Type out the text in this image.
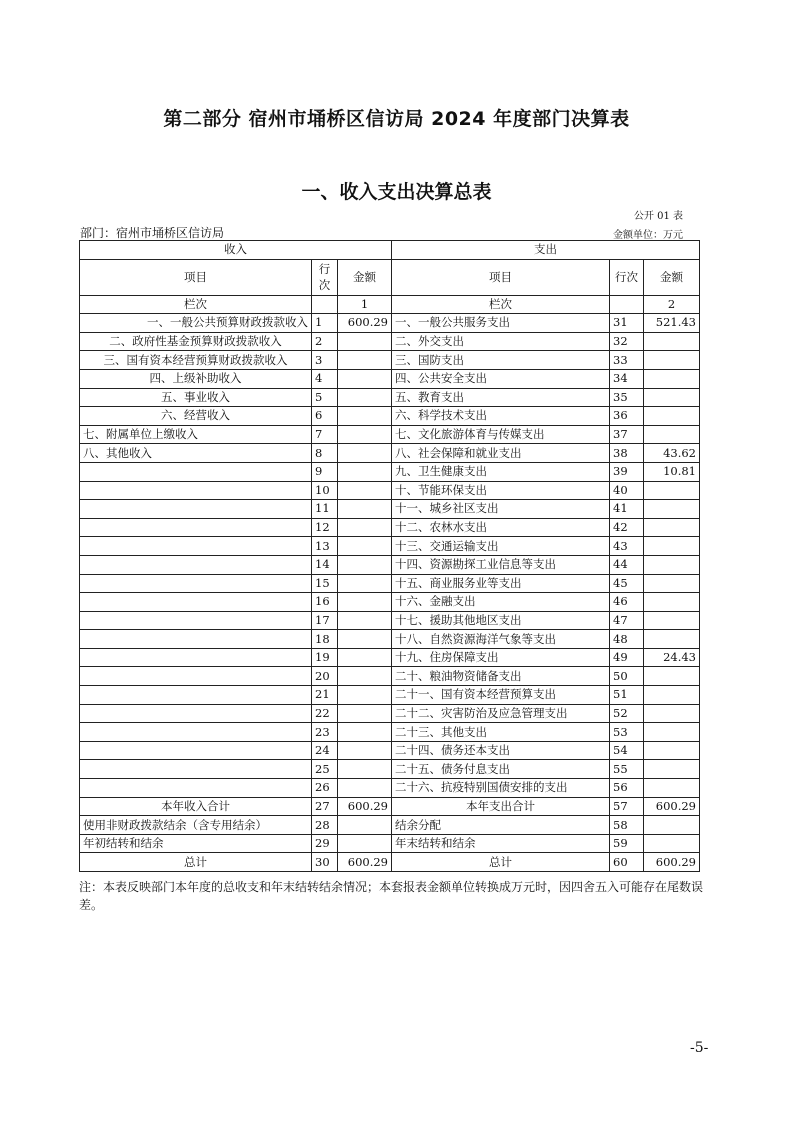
第二部分 宿州市埇桥区信访局 2024 年度部门决算表
一、收入支出决算总表
公开 01 表
部门：宿州市埇桥区信访局	金额单位：万元
收入			支出		
项目	行次	金额	项目	行次	金额
栏次		1	栏次		2
一、一般公共预算财政拨款收入	1	600.29	一、一般公共服务支出	31	521.43
二、政府性基金预算财政拨款收入	2		二、外交支出	32	
三、国有资本经营预算财政拨款收入	3		三、国防支出	33	
四、上级补助收入	4		四、公共安全支出	34	
五、事业收入	5		五、教育支出	35	
六、经营收入	6		六、科学技术支出	36	
七、附属单位上缴收入	7		七、文化旅游体育与传媒支出	37	
八、其他收入	8		八、社会保障和就业支出	38	43.62
	9		九、卫生健康支出	39	10.81
	10		十、节能环保支出	40	
	11		十一、城乡社区支出	41	
	12		十二、农林水支出	42	
	13		十三、交通运输支出	43	
	14		十四、资源勘探工业信息等支出	44	
	15		十五、商业服务业等支出	45	
	16		十六、金融支出	46	
	17		十七、援助其他地区支出	47	
	18		十八、自然资源海洋气象等支出	48	
	19		十九、住房保障支出	49	24.43
	20		二十、粮油物资储备支出	50	
	21		二十一、国有资本经营预算支出	51	
	22		二十二、灾害防治及应急管理支出	52	
	23		二十三、其他支出	53	
	24		二十四、债务还本支出	54	
	25		二十五、债务付息支出	55	
	26		二十六、抗疫特别国债安排的支出	56	
本年收入合计	27	600.29	本年支出合计	57	600.29
使用非财政拨款结余（含专用结余）	28		结余分配	58	
年初结转和结余	29		年末结转和结余	59	
总计	30	600.29	总计	60	600.29
注：本表反映部门本年度的总收支和年末结转结余情况；本套报表金额单位转换成万元时，因四舍五入可能存在尾数误差。
-5-
